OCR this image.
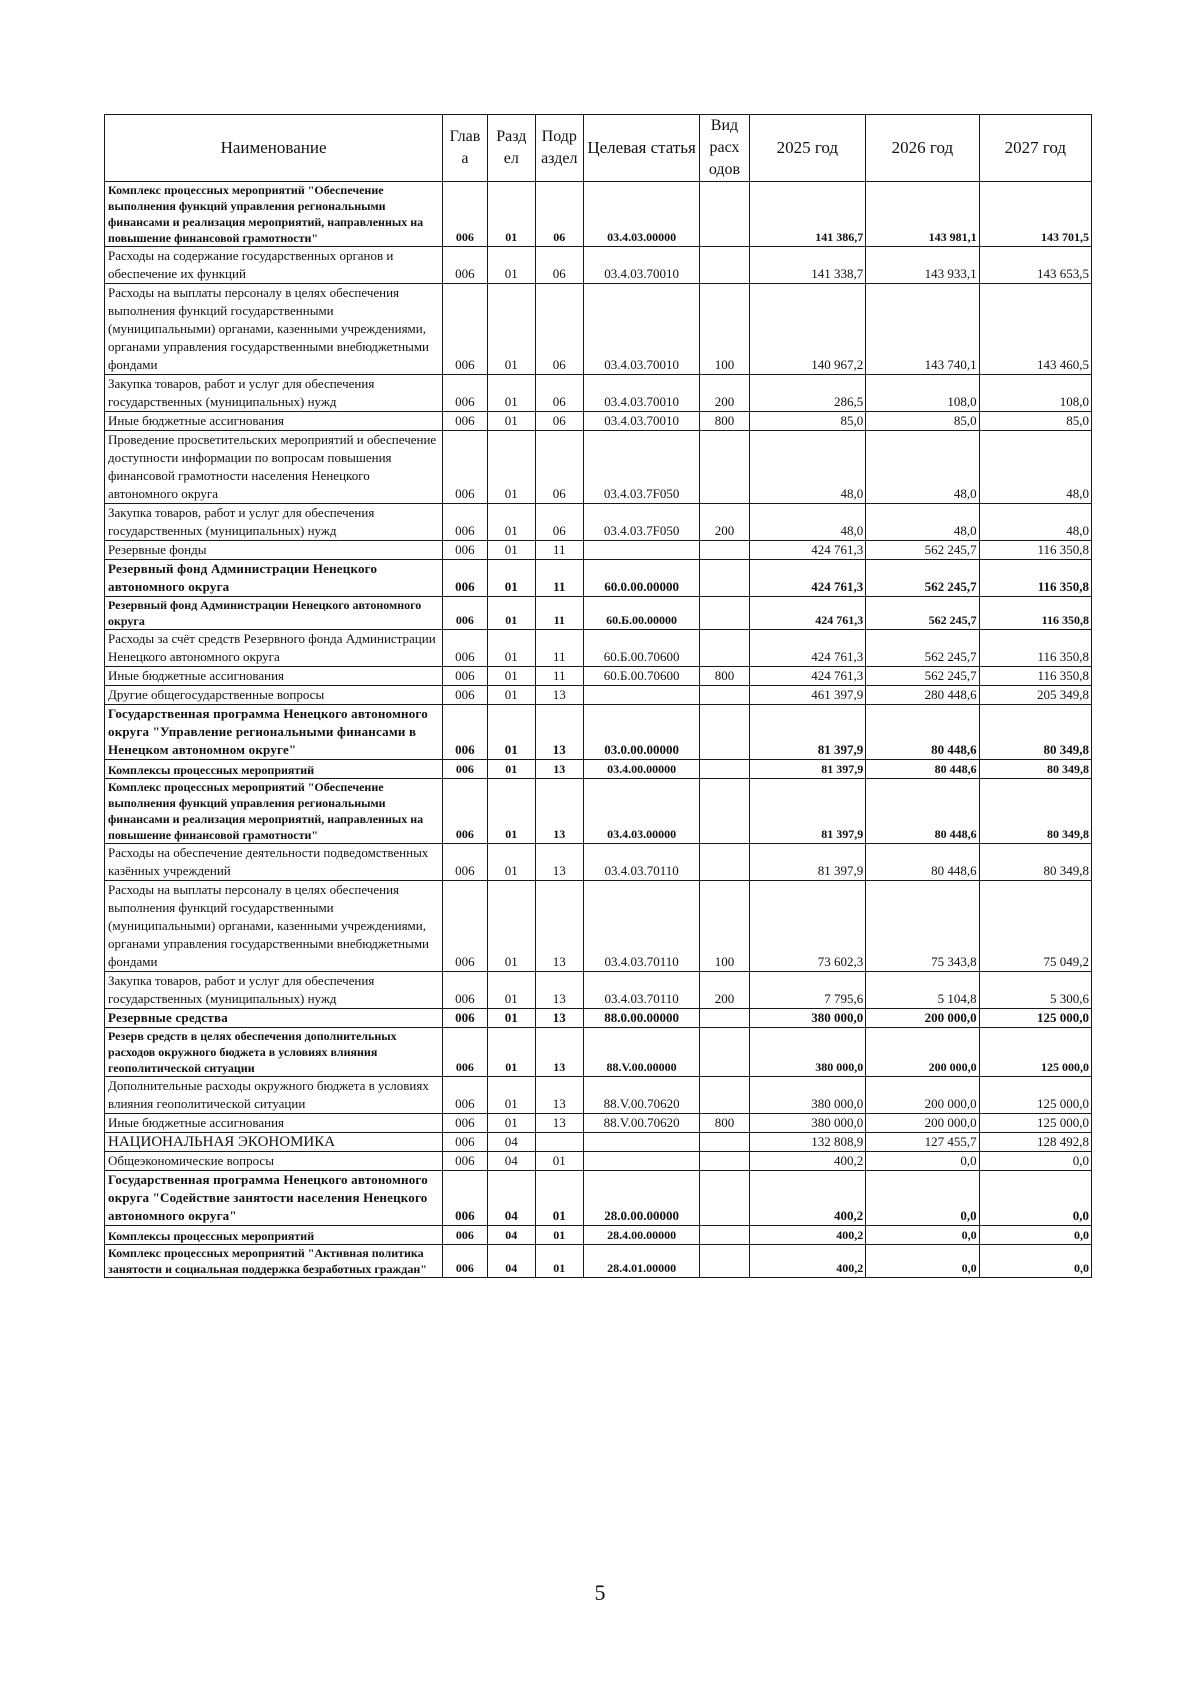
Наименование	Глав а	Разд ел	Подр аздел	Целевая статья	Вид расх одов	2025 год	2026 год	2027 год
Комплекс процессных мероприятий "Обеспечение выполнения функций управления региональными финансами и реализация мероприятий, направленных на повышение финансовой грамотности"	006	01	06	03.4.03.00000		141 386,7	143 981,1	143 701,5
Расходы на содержание государственных органов и обеспечение их функций	006	01	06	03.4.03.70010		141 338,7	143 933,1	143 653,5
Расходы на выплаты персоналу в целях обеспечения выполнения функций государственными (муниципальными) органами, казенными учреждениями, органами управления государственными внебюджетными фондами	006	01	06	03.4.03.70010	100	140 967,2	143 740,1	143 460,5
Закупка товаров, работ и услуг для обеспечения государственных (муниципальных) нужд	006	01	06	03.4.03.70010	200	286,5	108,0	108,0
Иные бюджетные ассигнования	006	01	06	03.4.03.70010	800	85,0	85,0	85,0
Проведение просветительских мероприятий и обеспечение доступности информации по вопросам повышения финансовой грамотности населения Ненецкого автономного округа	006	01	06	03.4.03.7F050		48,0	48,0	48,0
Закупка товаров, работ и услуг для обеспечения государственных (муниципальных) нужд	006	01	06	03.4.03.7F050	200	48,0	48,0	48,0
Резервные фонды	006	01	11			424 761,3	562 245,7	116 350,8
Резервный фонд Администрации Ненецкого автономного округа	006	01	11	60.0.00.00000		424 761,3	562 245,7	116 350,8
Резервный фонд Администрации Ненецкого автономного округа	006	01	11	60.Б.00.00000		424 761,3	562 245,7	116 350,8
Расходы за счёт средств Резервного фонда Администрации Ненецкого автономного округа	006	01	11	60.Б.00.70600		424 761,3	562 245,7	116 350,8
Иные бюджетные ассигнования	006	01	11	60.Б.00.70600	800	424 761,3	562 245,7	116 350,8
Другие общегосударственные вопросы	006	01	13			461 397,9	280 448,6	205 349,8
Государственная программа Ненецкого автономного округа "Управление региональными финансами в Ненецком автономном округе"	006	01	13	03.0.00.00000		81 397,9	80 448,6	80 349,8
Комплексы процессных мероприятий	006	01	13	03.4.00.00000		81 397,9	80 448,6	80 349,8
Комплекс процессных мероприятий "Обеспечение выполнения функций управления региональными финансами и реализация мероприятий, направленных на повышение финансовой грамотности"	006	01	13	03.4.03.00000		81 397,9	80 448,6	80 349,8
Расходы на обеспечение деятельности подведомственных казённых учреждений	006	01	13	03.4.03.70110		81 397,9	80 448,6	80 349,8
Расходы на выплаты персоналу в целях обеспечения выполнения функций государственными (муниципальными) органами, казенными учреждениями, органами управления государственными внебюджетными фондами	006	01	13	03.4.03.70110	100	73 602,3	75 343,8	75 049,2
Закупка товаров, работ и услуг для обеспечения государственных (муниципальных) нужд	006	01	13	03.4.03.70110	200	7 795,6	5 104,8	5 300,6
Резервные средства	006	01	13	88.0.00.00000		380 000,0	200 000,0	125 000,0
Резерв средств в целях обеспечения дополнительных расходов окружного бюджета в условиях влияния геополитической ситуации	006	01	13	88.V.00.00000		380 000,0	200 000,0	125 000,0
Дополнительные расходы окружного бюджета в условиях влияния геополитической ситуации	006	01	13	88.V.00.70620		380 000,0	200 000,0	125 000,0
Иные бюджетные ассигнования	006	01	13	88.V.00.70620	800	380 000,0	200 000,0	125 000,0
НАЦИОНАЛЬНАЯ ЭКОНОМИКА	006	04				132 808,9	127 455,7	128 492,8
Общеэкономические вопросы	006	04	01			400,2	0,0	0,0
Государственная программа Ненецкого автономного округа "Содействие занятости населения Ненецкого автономного округа"	006	04	01	28.0.00.00000		400,2	0,0	0,0
Комплексы процессных мероприятий	006	04	01	28.4.00.00000		400,2	0,0	0,0
Комплекс процессных мероприятий "Активная политика занятости и социальная поддержка безработных граждан"	006	04	01	28.4.01.00000		400,2	0,0	0,0
5
